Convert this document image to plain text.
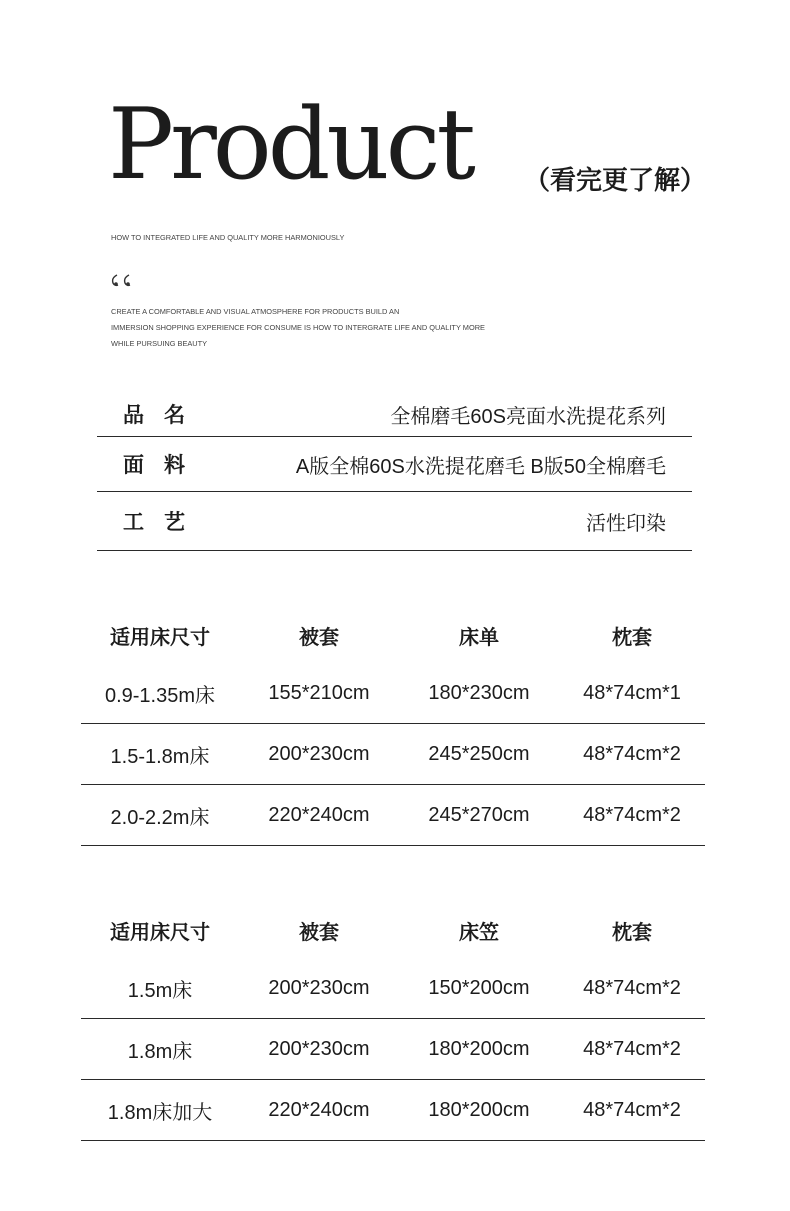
Product （看完更了解）
HOW TO INTEGRATED LIFE AND QUALITY MORE HARMONIOUSLY
CREATE A COMFORTABLE AND VISUAL ATMOSPHERE FOR PRODUCTS BUILD AN
IMMERSION SHOPPING EXPERIENCE FOR CONSUME IS HOW TO INTERGRATE LIFE AND QUALITY MORE
WHILE PURSUING BEAUTY
品名	全棉磨毛60S亮面水洗提花系列
面料	A版全棉60S水洗提花磨毛 B版50全棉磨毛
工艺	活性印染
适用床尺寸	被套	床单	枕套
0.9-1.35m床	155*210cm	180*230cm	48*74cm*1
1.5-1.8m床	200*230cm	245*250cm	48*74cm*2
2.0-2.2m床	220*240cm	245*270cm	48*74cm*2
适用床尺寸	被套	床笠	枕套
1.5m床	200*230cm	150*200cm	48*74cm*2
1.8m床	200*230cm	180*200cm	48*74cm*2
1.8m床加大	220*240cm	180*200cm	48*74cm*2
